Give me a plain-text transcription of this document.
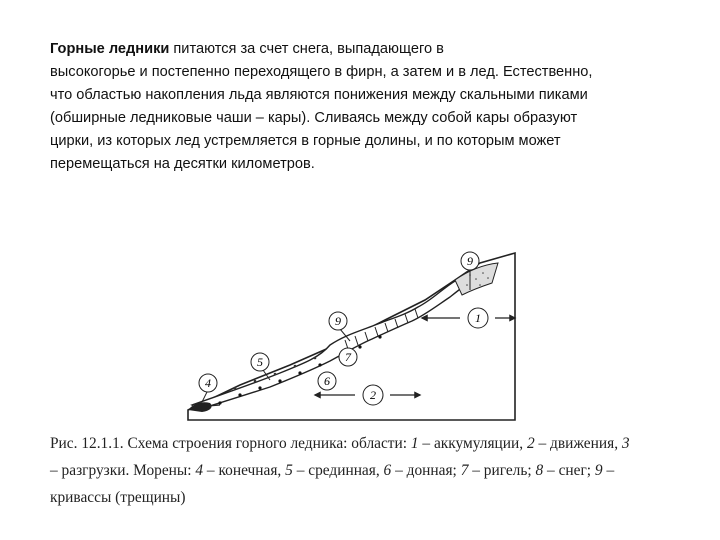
Горные ледники питаются за счет снега, выпадающего в
высокогорье и постепенно переходящего в фирн, а затем и в лед. Естественно,
что областью накопления льда являются понижения между скальными пиками
(обширные ледниковые чаши – кары). Сливаясь между собой кары образуют
цирки, из которых лед устремляется в горные долины, и по которым может
перемещаться на десятки километров.
9
1
9
7
5
6
4
2
Рис. 12.1.1. Схема строения горного ледника: области: 1 – аккумуляции, 2 – движения, 3
– разгрузки. Морены: 4 – конечная, 5 – срединная, 6 – донная; 7 – ригель; 8 – снег; 9 –
кривассы (трещины)
